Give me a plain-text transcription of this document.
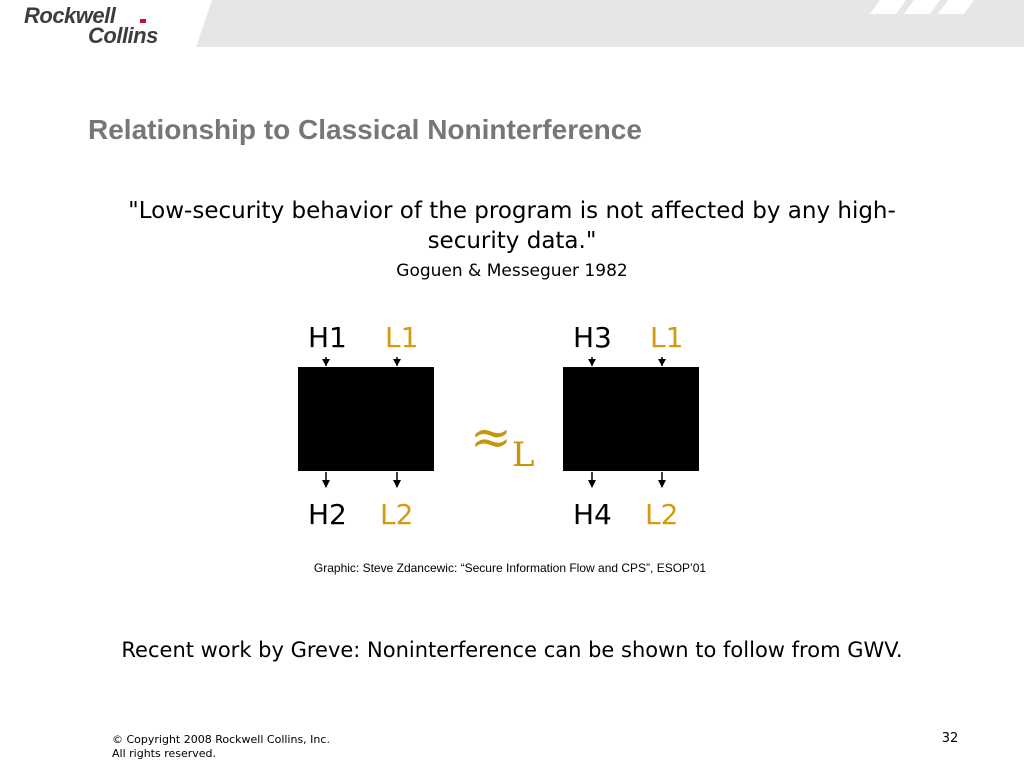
Rockwell
Collins
Relationship to Classical Noninterference
"Low-security behavior of the program is not affected by any high-security data."
Goguen & Messeguer 1982
H1 L1
H2 L2
H3 L1
H4 L2
≈L
Graphic: Steve Zdancewic: “Secure Information Flow and CPS”, ESOP’01
Recent work by Greve: Noninterference can be shown to follow from GWV.
© Copyright 2008 Rockwell Collins, Inc.
All rights reserved.
32
